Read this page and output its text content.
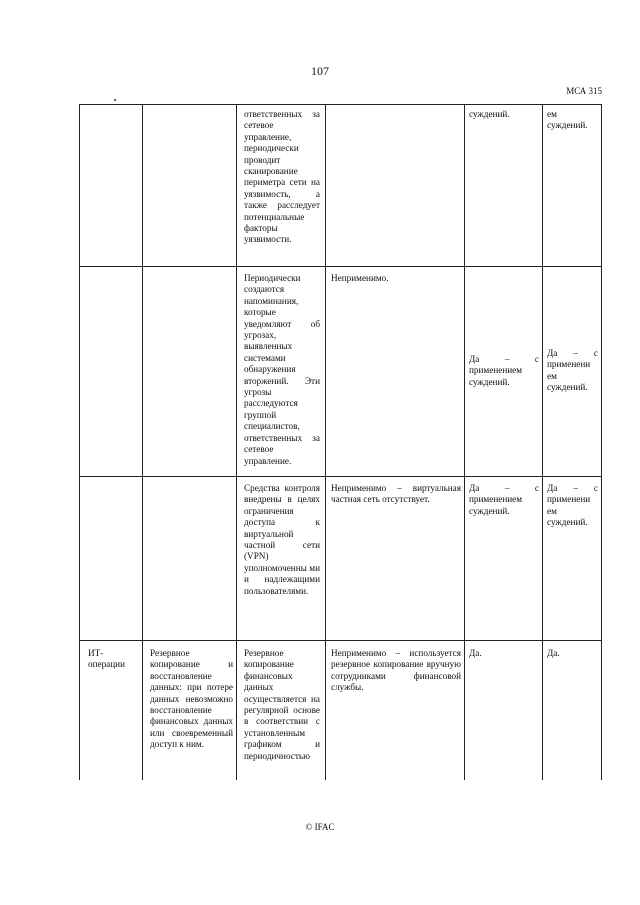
107
МСА 315
ответственных за сетевое управление, периодически проводит сканирование периметра сети на уязвимость, а также расследует потенциальные факторы уязвимости.
суждений.	ем суждений.
Периодически создаются напоминания, которые уведомляют об угрозах, выявленных системами обнаружения вторжений. Эти угрозы расследуются группой специалистов, ответственных за сетевое управление.
Неприменимо.
Да – с применением суждений.
Да – с применени ем суждений.
Средства контроля внедрены в целях ограничения доступа к виртуальной частной сети (VPN) уполномоченны ми и надлежащими пользователями.
Неприменимо – виртуальная частная сеть отсутствует.
Да – с применением суждений.
Да – с применени ем суждений.
ИТ-операции
Резервное копирование и восстановление данных: при потере данных невозможно восстановление финансовых данных или своевременный доступ к ним.
Резервное копирование финансовых данных осуществляется на регулярной основе в соответствии с установленным графиком и периодичностью
Неприменимо – используется резервное копирование вручную сотрудниками финансовой службы.
Да.	Да.
© IFAC
